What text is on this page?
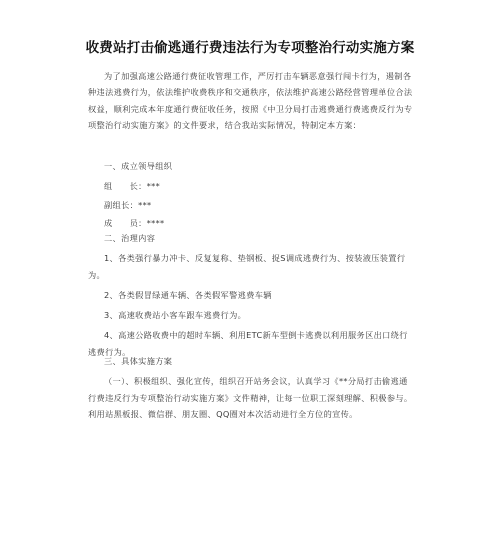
收费站打击偷逃通行费违法行为专项整治行动实施方案

为了加强高速公路通行费征收管理工作，严厉打击车辆恶意强行闯卡行为，遏制各种违法逃费行为，依法维护收费秩序和交通秩序，依法维护高速公路经营管理单位合法权益，顺利完成本年度通行费征收任务，按照《中卫分局打击逃费通行费逃费反行为专项整治行动实施方案》的文件要求，结合我站实际情况，特制定本方案：

一、成立领导组织

组　　长：***

副组长：***

成　　员：****

二、治理内容

1、各类强行暴力冲卡、反复复称、垫钢板、捉S调成逃费行为、按装液压装置行为。

2、各类假冒绿通车辆、各类假军警逃费车辆

3、高速收费站小客车跟车逃费行为。

4、高速公路收费中的超时车辆、利用ETC新车型倒卡逃费以利用服务区出口绕行逃费行为。

三、具体实施方案

（一）、积极组织、强化宣传，组织召开站务会议，认真学习《**分局打击偷逃通行费违反行为专项整治行动实施方案》文件精神，让每一位职工深刻理解、积极参与。利用站黑板报、微信群、朋友圈、QQ圈对本次活动进行全方位的宣传。
